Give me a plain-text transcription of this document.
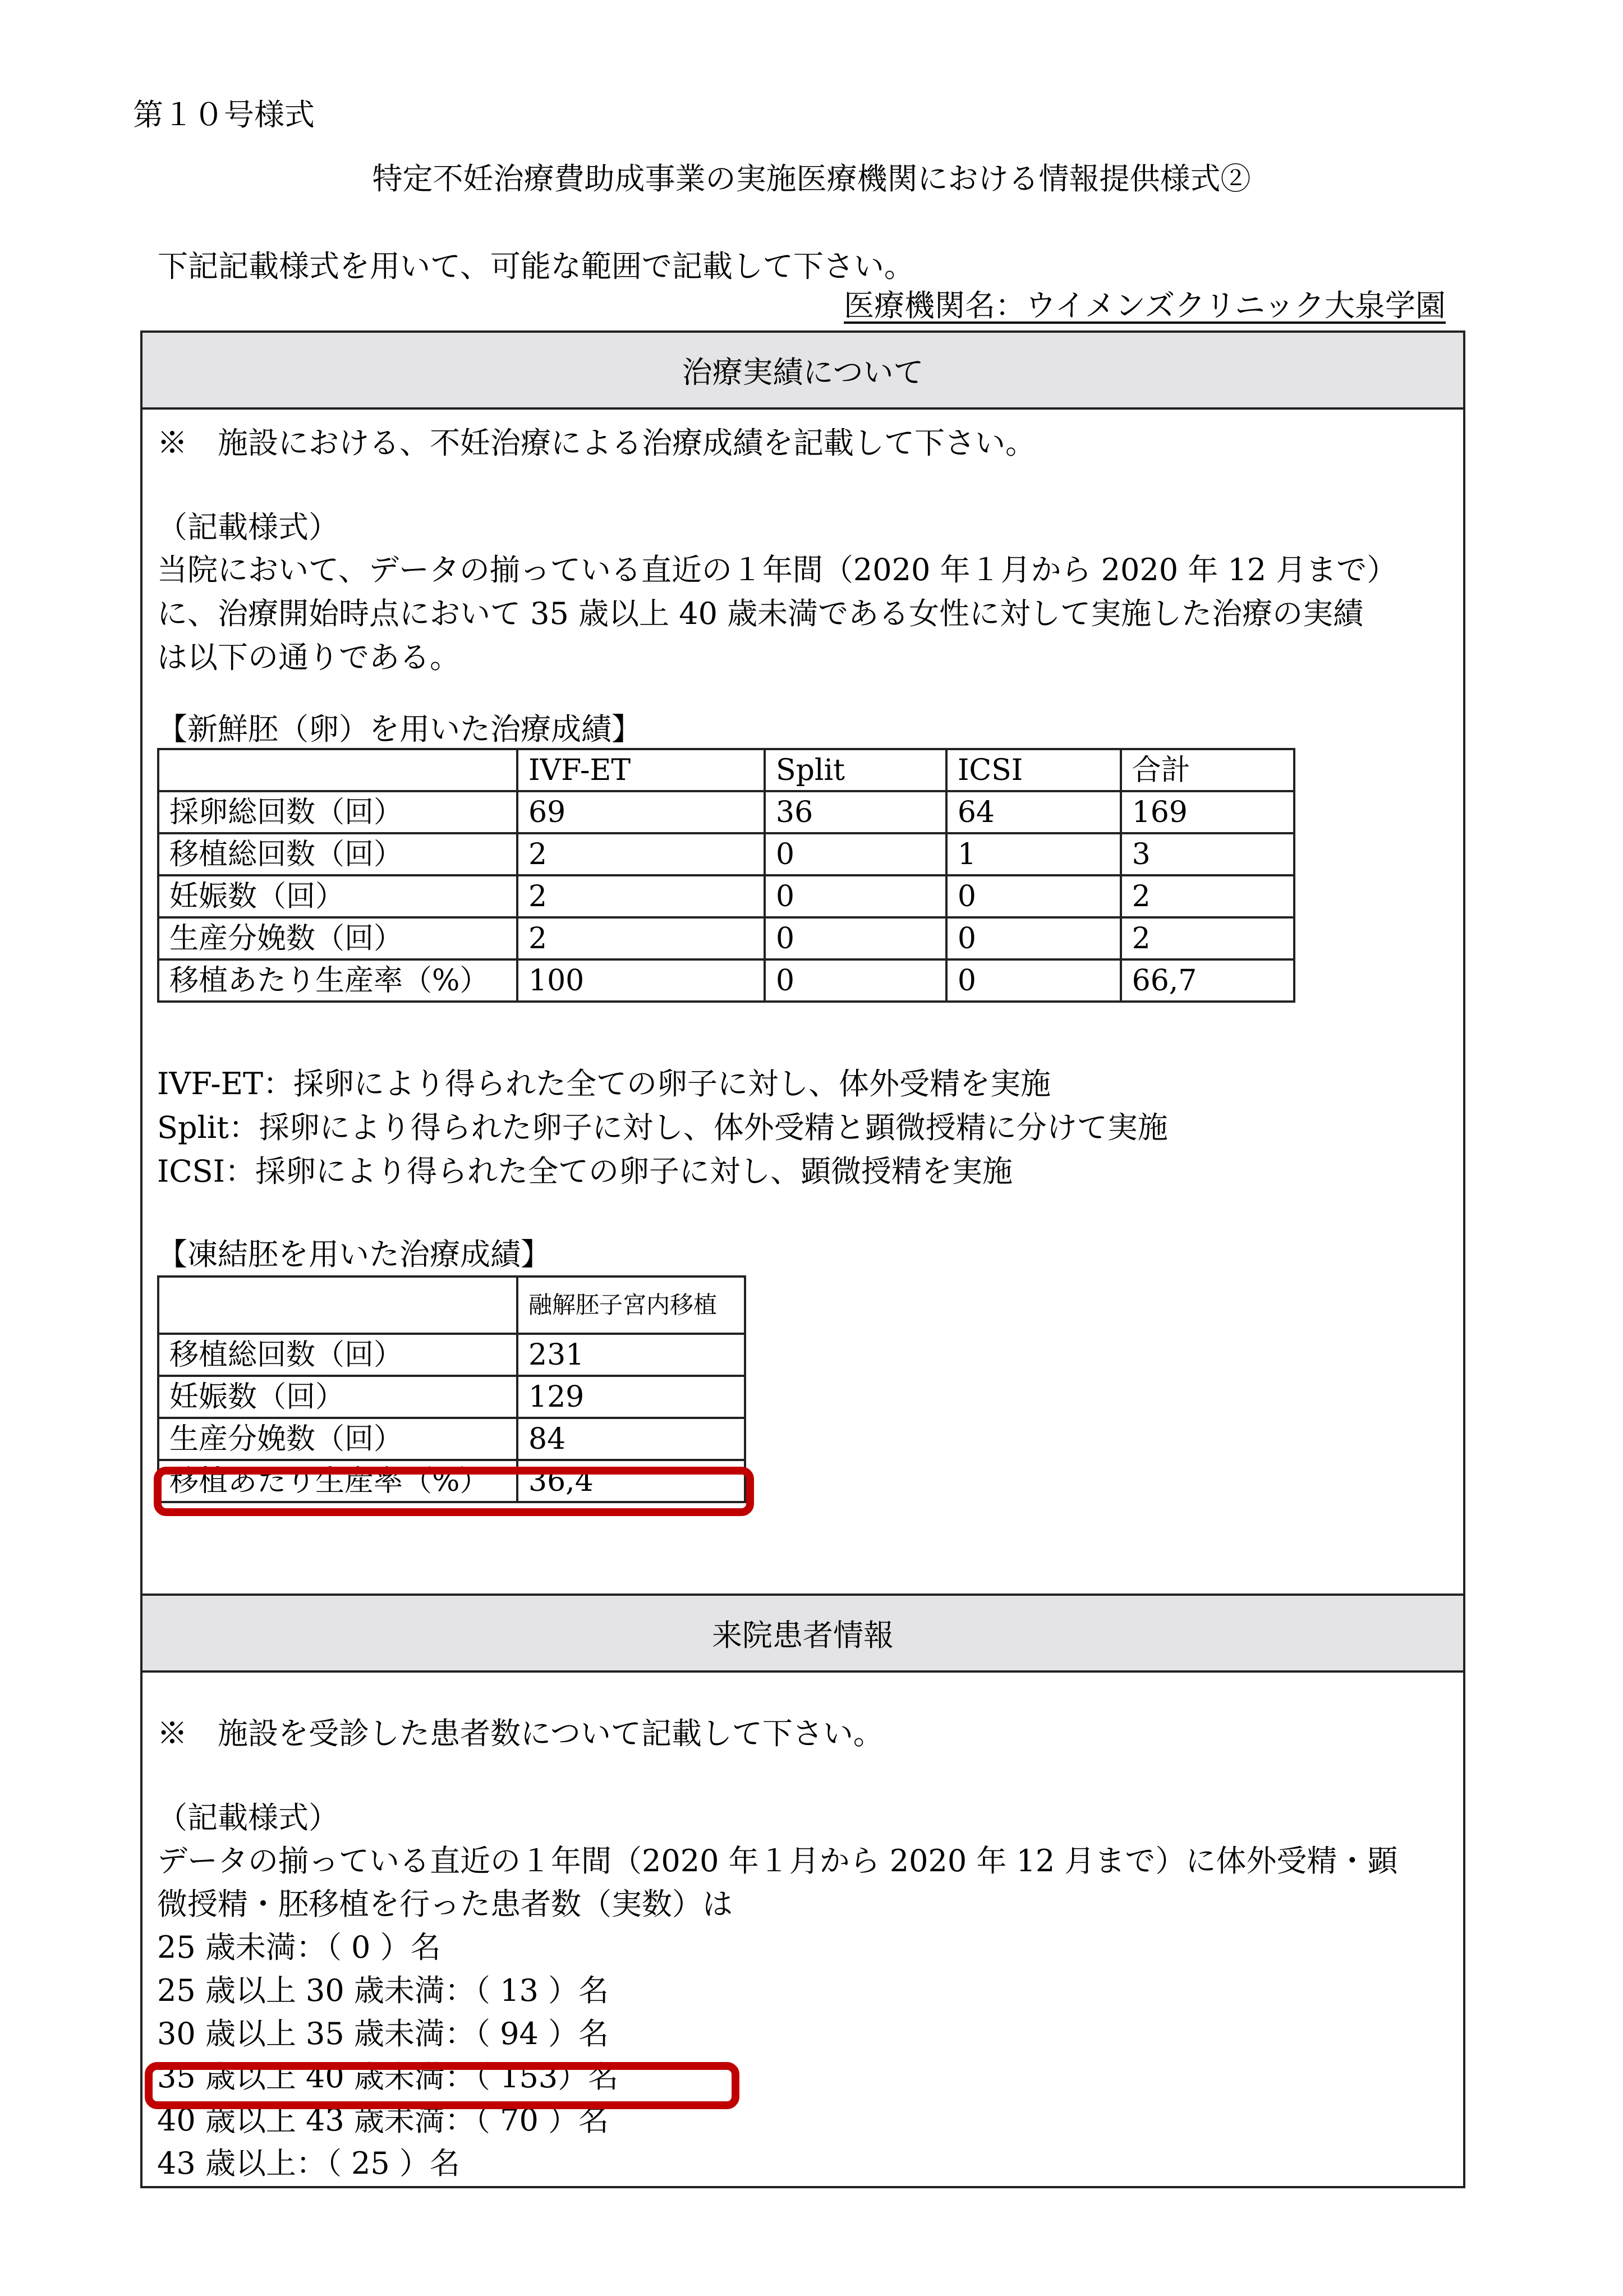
第１０号様式
特定不妊治療費助成事業の実施医療機関における情報提供様式②
下記記載様式を用いて、可能な範囲で記載して下さい。
医療機関名：ウイメンズクリニック大泉学園
治療実績について
※　施設における、不妊治療による治療成績を記載して下さい。
（記載様式）
当院において、データの揃っている直近の１年間（2020 年１月から 2020 年 12 月まで）
に、治療開始時点において 35 歳以上 40 歳未満である女性に対して実施した治療の実績
は以下の通りである。
【新鮮胚（卵）を用いた治療成績】
	IVF-ET	Split	ICSI	合計
採卵総回数（回）	69	36	64	169
移植総回数（回）	2	0	1	3
妊娠数（回）	2	0	0	2
生産分娩数（回）	2	0	0	2
移植あたり生産率（%）	100	0	0	66,7
IVF-ET：採卵により得られた全ての卵子に対し、体外受精を実施
Split：採卵により得られた卵子に対し、体外受精と顕微授精に分けて実施
ICSI：採卵により得られた全ての卵子に対し、顕微授精を実施
【凍結胚を用いた治療成績】
	融解胚子宮内移植
移植総回数（回）	231
妊娠数（回）	129
生産分娩数（回）	84
移植あたり生産率（%）	36,4
来院患者情報
※　施設を受診した患者数について記載して下さい。
（記載様式）
データの揃っている直近の１年間（2020 年１月から 2020 年 12 月まで）に体外受精・顕
微授精・胚移植を行った患者数（実数）は
25 歳未満：（ 0 ）名
25 歳以上 30 歳未満：（ 13 ）名
30 歳以上 35 歳未満：（ 94 ）名
35 歳以上 40 歳未満：（ 153）名
40 歳以上 43 歳未満：（ 70 ）名
43 歳以上：（ 25 ）名
